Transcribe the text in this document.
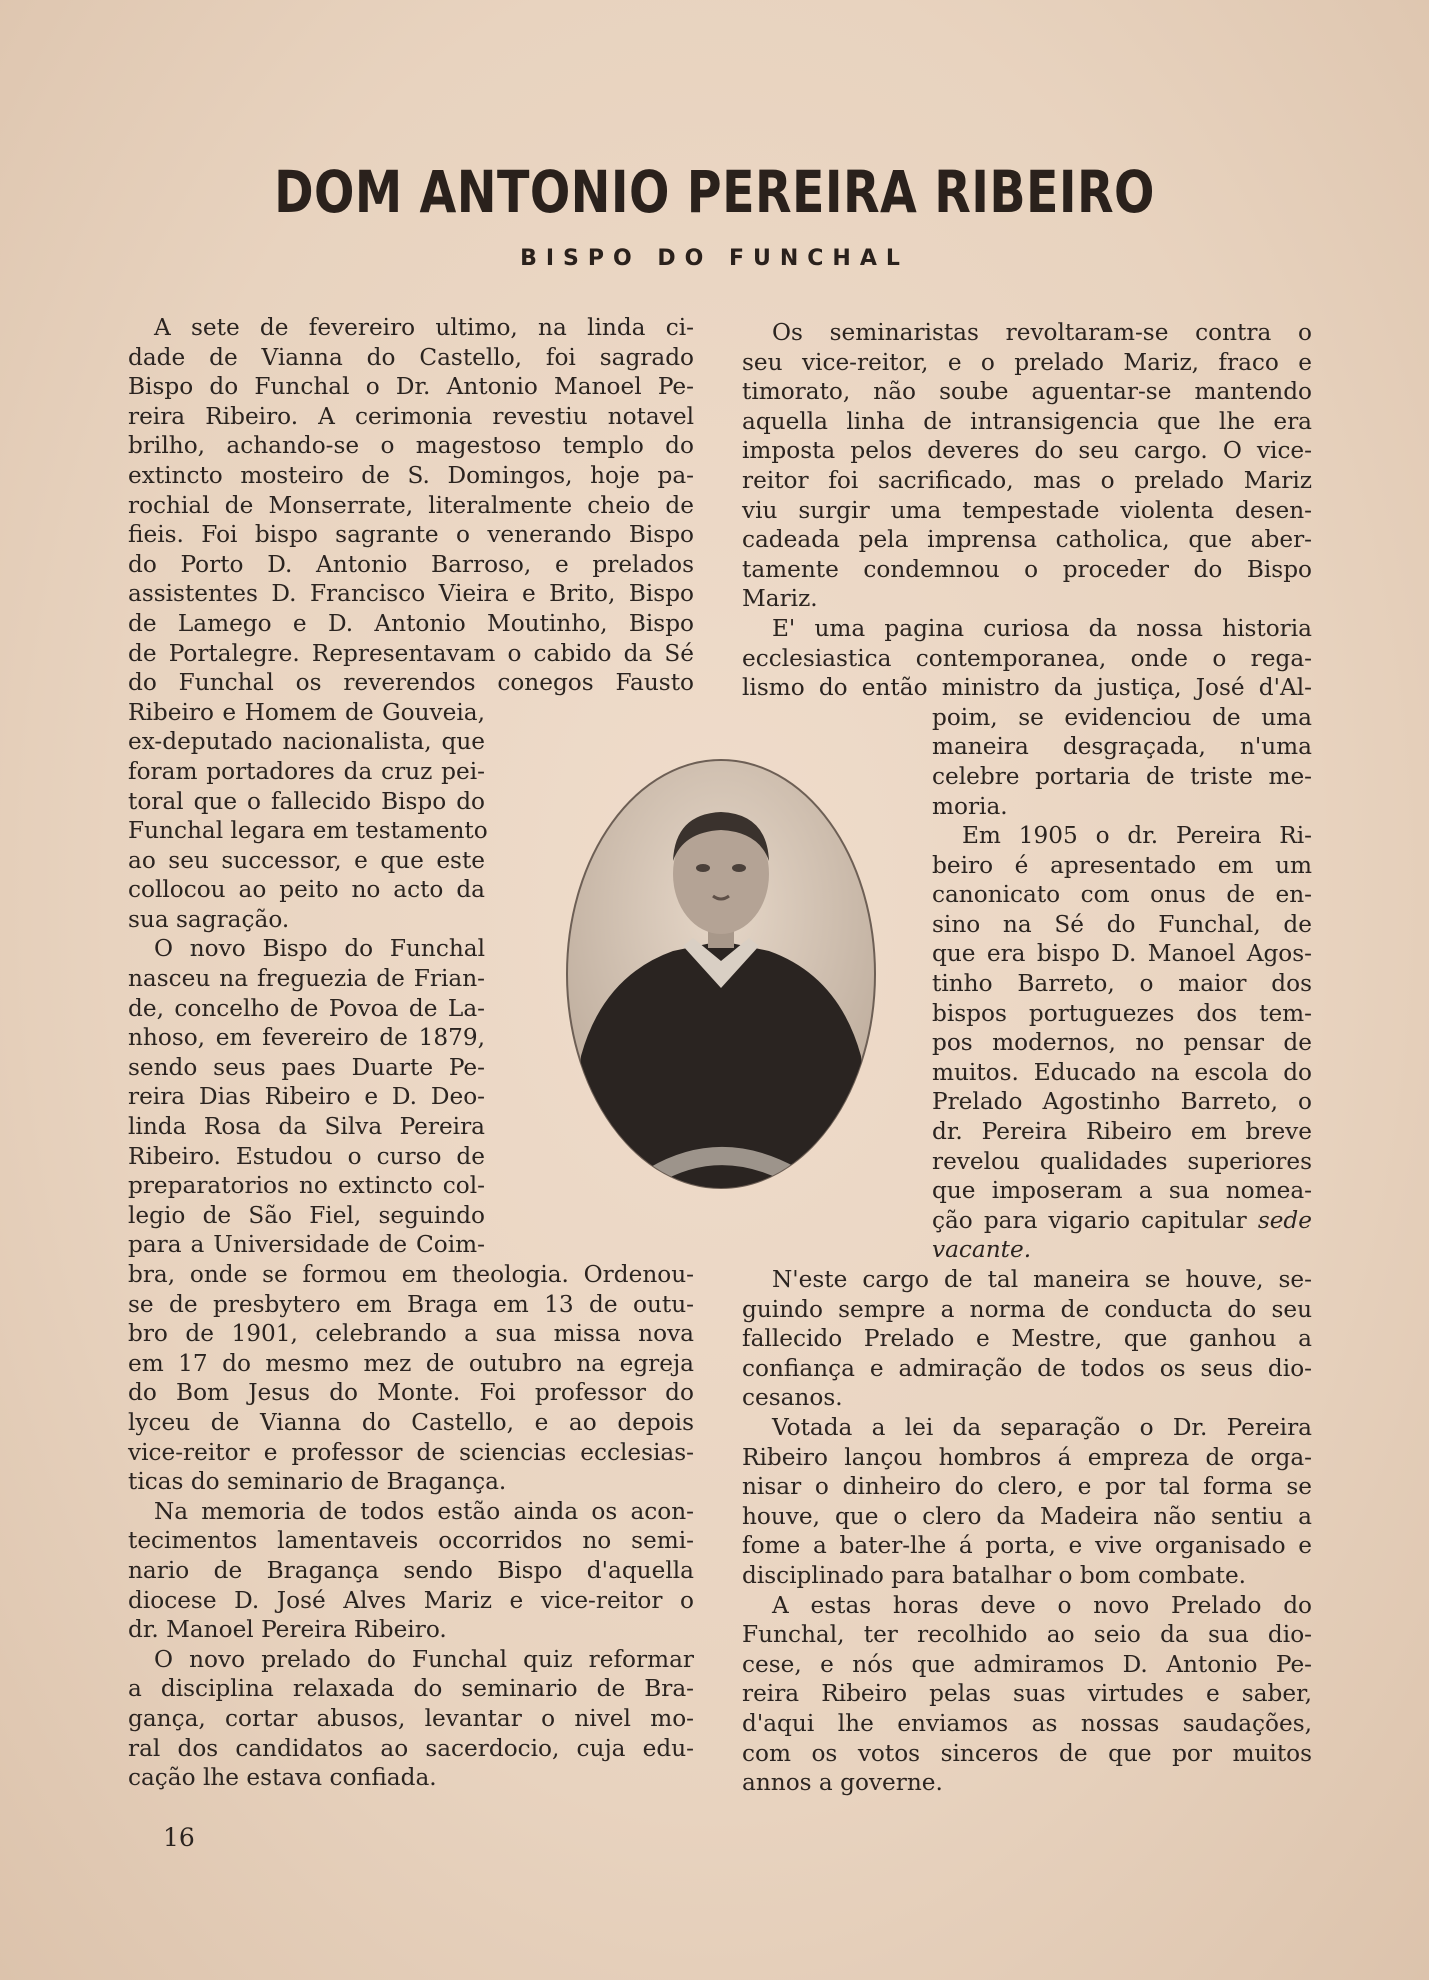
DOM ANTONIO PEREIRA RIBEIRO
BISPO DO FUNCHAL
A sete de fevereiro ultimo, na linda ci-
dade de Vianna do Castello, foi sagrado
Bispo do Funchal o Dr. Antonio Manoel Pe-
reira Ribeiro. A cerimonia revestiu notavel
brilho, achando-se o magestoso templo do
extincto mosteiro de S. Domingos, hoje pa-
rochial de Monserrate, literalmente cheio de
fieis. Foi bispo sagrante o venerando Bispo
do Porto D. Antonio Barroso, e prelados
assistentes D. Francisco Vieira e Brito, Bispo
de Lamego e D. Antonio Moutinho, Bispo
de Portalegre. Representavam o cabido da Sé
do Funchal os reverendos conegos Fausto
Ribeiro e Homem de Gouveia,
ex-deputado nacionalista, que
foram portadores da cruz pei-
toral que o fallecido Bispo do
Funchal legara em testamento
ao seu successor, e que este
collocou ao peito no acto da
sua sagração.
O novo Bispo do Funchal
nasceu na freguezia de Frian-
de, concelho de Povoa de La-
nhoso, em fevereiro de 1879,
sendo seus paes Duarte Pe-
reira Dias Ribeiro e D. Deo-
linda Rosa da Silva Pereira
Ribeiro. Estudou o curso de
preparatorios no extincto col-
legio de São Fiel, seguindo
para a Universidade de Coim-
bra, onde se formou em theologia. Ordenou-
se de presbytero em Braga em 13 de outu-
bro de 1901, celebrando a sua missa nova
em 17 do mesmo mez de outubro na egreja
do Bom Jesus do Monte. Foi professor do
lyceu de Vianna do Castello, e ao depois
vice-reitor e professor de sciencias ecclesias-
ticas do seminario de Bragança.
Na memoria de todos estão ainda os acon-
tecimentos lamentaveis occorridos no semi-
nario de Bragança sendo Bispo d'aquella
diocese D. José Alves Mariz e vice-reitor o
dr. Manoel Pereira Ribeiro.
O novo prelado do Funchal quiz reformar
a disciplina relaxada do seminario de Bra-
gança, cortar abusos, levantar o nivel mo-
ral dos candidatos ao sacerdocio, cuja edu-
cação lhe estava confiada.
Os seminaristas revoltaram-se contra o
seu vice-reitor, e o prelado Mariz, fraco e
timorato, não soube aguentar-se mantendo
aquella linha de intransigencia que lhe era
imposta pelos deveres do seu cargo. O vice-
reitor foi sacrificado, mas o prelado Mariz
viu surgir uma tempestade violenta desen-
cadeada pela imprensa catholica, que aber-
tamente condemnou o proceder do Bispo
Mariz.
E' uma pagina curiosa da nossa historia
ecclesiastica contemporanea, onde o rega-
lismo do então ministro da justiça, José d'Al-
poim, se evidenciou de uma
maneira desgraçada, n'uma
celebre portaria de triste me-
moria.
Em 1905 o dr. Pereira Ri-
beiro é apresentado em um
canonicato com onus de en-
sino na Sé do Funchal, de
que era bispo D. Manoel Agos-
tinho Barreto, o maior dos
bispos portuguezes dos tem-
pos modernos, no pensar de
muitos. Educado na escola do
Prelado Agostinho Barreto, o
dr. Pereira Ribeiro em breve
revelou qualidades superiores
que imposeram a sua nomea-
ção para vigario capitular sede
vacante.
N'este cargo de tal maneira se houve, se-
guindo sempre a norma de conducta do seu
fallecido Prelado e Mestre, que ganhou a
confiança e admiração de todos os seus dio-
cesanos.
Votada a lei da separação o Dr. Pereira
Ribeiro lançou hombros á empreza de orga-
nisar o dinheiro do clero, e por tal forma se
houve, que o clero da Madeira não sentiu a
fome a bater-lhe á porta, e vive organisado e
disciplinado para batalhar o bom combate.
A estas horas deve o novo Prelado do
Funchal, ter recolhido ao seio da sua dio-
cese, e nós que admiramos D. Antonio Pe-
reira Ribeiro pelas suas virtudes e saber,
d'aqui lhe enviamos as nossas saudações,
com os votos sinceros de que por muitos
annos a governe.
16
